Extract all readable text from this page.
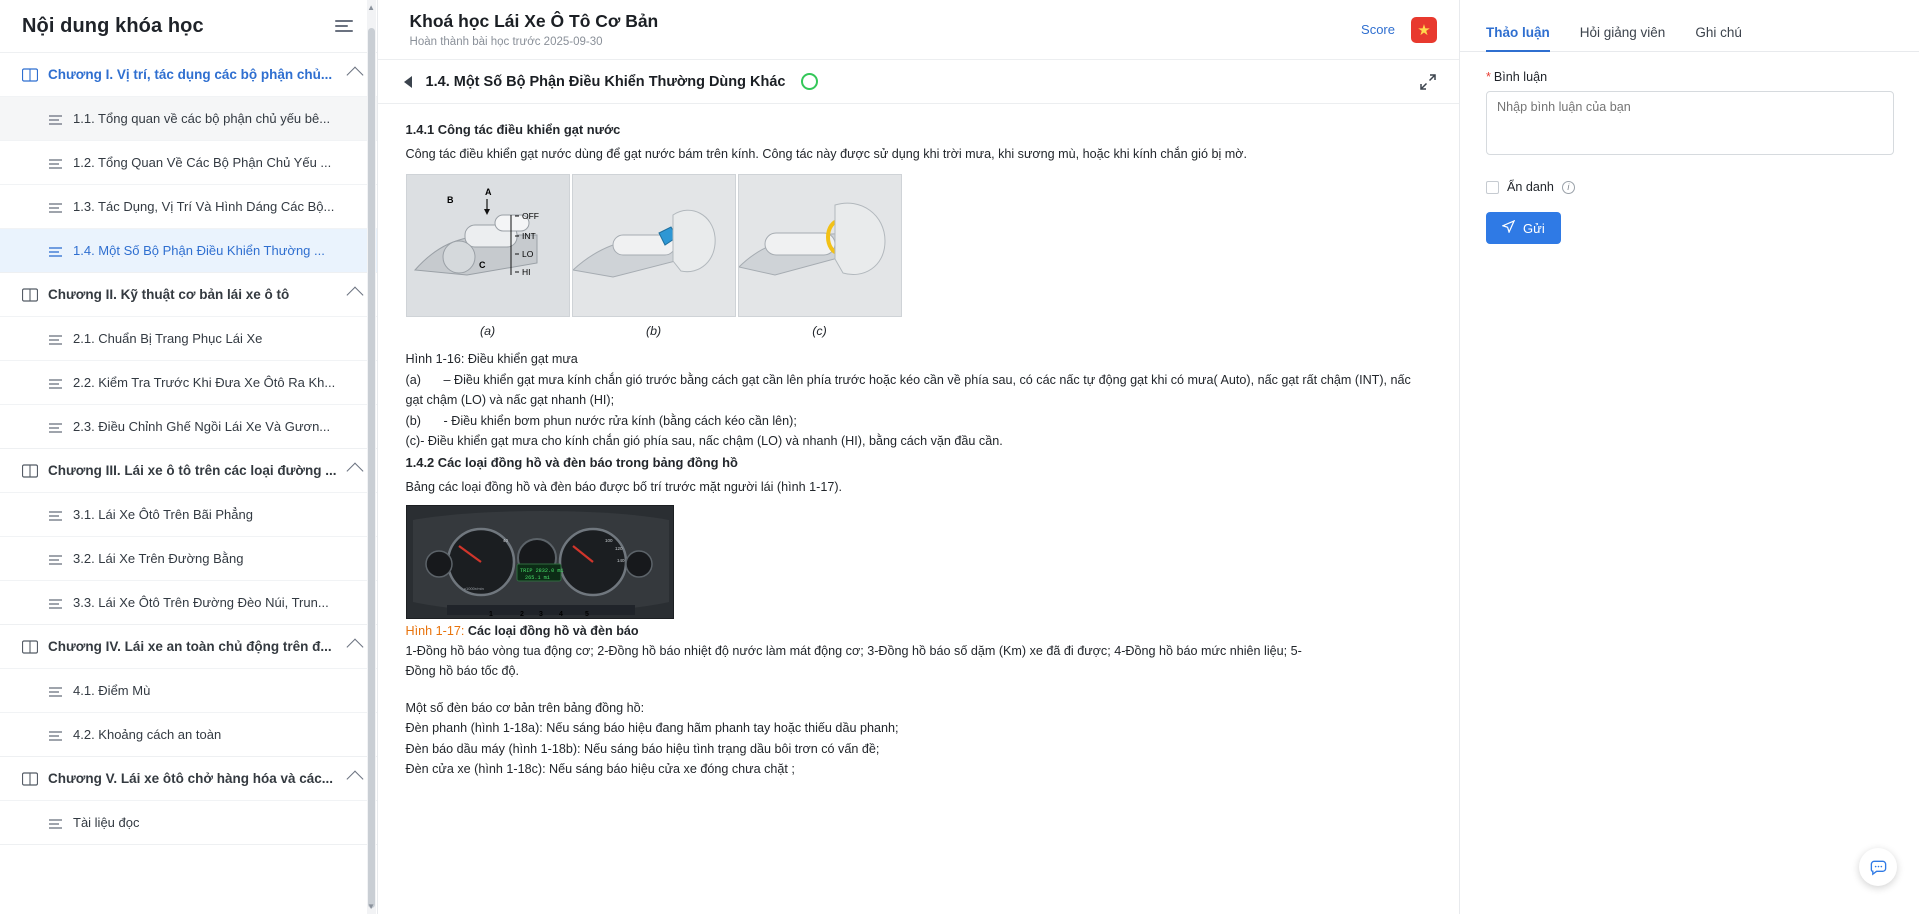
Nội dung khóa học
Chương I. Vị trí, tác dụng các bộ phận chủ...
1.1. Tổng quan về các bộ phận chủ yếu bê...
1.2. Tổng Quan Về Các Bộ Phận Chủ Yếu ...
1.3. Tác Dụng, Vị Trí Và Hình Dáng Các Bộ...
1.4. Một Số Bộ Phận Điều Khiển Thường ...
Chương II. Kỹ thuật cơ bản lái xe ô tô
2.1. Chuẩn Bị Trang Phục Lái Xe
2.2. Kiểm Tra Trước Khi Đưa Xe Ôtô Ra Kh...
2.3. Điều Chỉnh Ghế Ngồi Lái Xe Và Gươn...
Chương III. Lái xe ô tô trên các loại đường ...
3.1. Lái Xe Ôtô Trên Bãi Phẳng
3.2. Lái Xe Trên Đường Bằng
3.3. Lái Xe Ôtô Trên Đường Đèo Núi, Trun...
Chương IV. Lái xe an toàn chủ động trên đ...
4.1. Điểm Mù
4.2. Khoảng cách an toàn
Chương V. Lái xe ôtô chở hàng hóa và các...
Tài liệu đọc
▲
▼
Khoá học Lái Xe Ô Tô Cơ Bản
Hoàn thành bài học trước 2025-09-30
Score	★
1.4. Một Số Bộ Phận Điều Khiển Thường Dùng Khác
1.4.1 Công tác điều khiển gạt nước

Công tác điều khiển gạt nước dùng để gạt nước bám trên kính. Công tác này được sử dụng khi trời mưa, khi sương mù, hoặc khi kính chắn gió bị mờ.

A
B
C
OFF
INT
LO
HI
(a)	(b)	(c)

Hình 1-16: Điều khiển gạt mưa

(a) – Điều khiển gạt mưa kính chắn gió trước bằng cách gạt cần lên phía trước hoặc kéo cần về phía sau, có các nấc tự động gạt khi có mưa( Auto), nấc gạt rất chậm (INT), nấc gạt chậm (LO) và nấc gạt nhanh (HI);

(b) - Điều khiển bơm phun nước rửa kính (bằng cách kéo cần lên);

(c)- Điều khiển gạt mưa cho kính chắn gió phía sau, nấc chậm (LO) và nhanh (HI), bằng cách vặn đầu cần.

1.4.2 Các loại đồng hồ và đèn báo trong bảng đồng hồ

Bảng các loại đồng hồ và đèn báo được bố trí trước mặt người lái (hình 1-17).

TRIP 2832.0 mi
265.1 mi
40	100
120
140
x1000r/min
1	2 3 4	5

Hình 1-17: Các loại đồng hồ và đèn báo

1-Đồng hồ báo vòng tua động cơ; 2-Đồng hồ báo nhiệt độ nước làm mát động cơ; 3-Đồng hồ báo số dặm (Km) xe đã đi được; 4-Đồng hồ báo mức nhiên liệu; 5-

Đồng hồ báo tốc độ.

Một số đèn báo cơ bản trên bảng đồng hồ:

Đèn phanh (hình 1-18a): Nếu sáng báo hiệu đang hãm phanh tay hoặc thiếu dầu phanh;

Đèn báo dầu máy (hình 1-18b): Nếu sáng báo hiệu tình trạng dầu bôi trơn có vấn đề;

Đèn cửa xe (hình 1-18c): Nếu sáng báo hiệu cửa xe đóng chưa chặt ;

Thảo luận Hỏi giảng viên Ghi chú
* Bình luận
Nhập bình luận của bạn
Ẩn danh	i
Gửi
